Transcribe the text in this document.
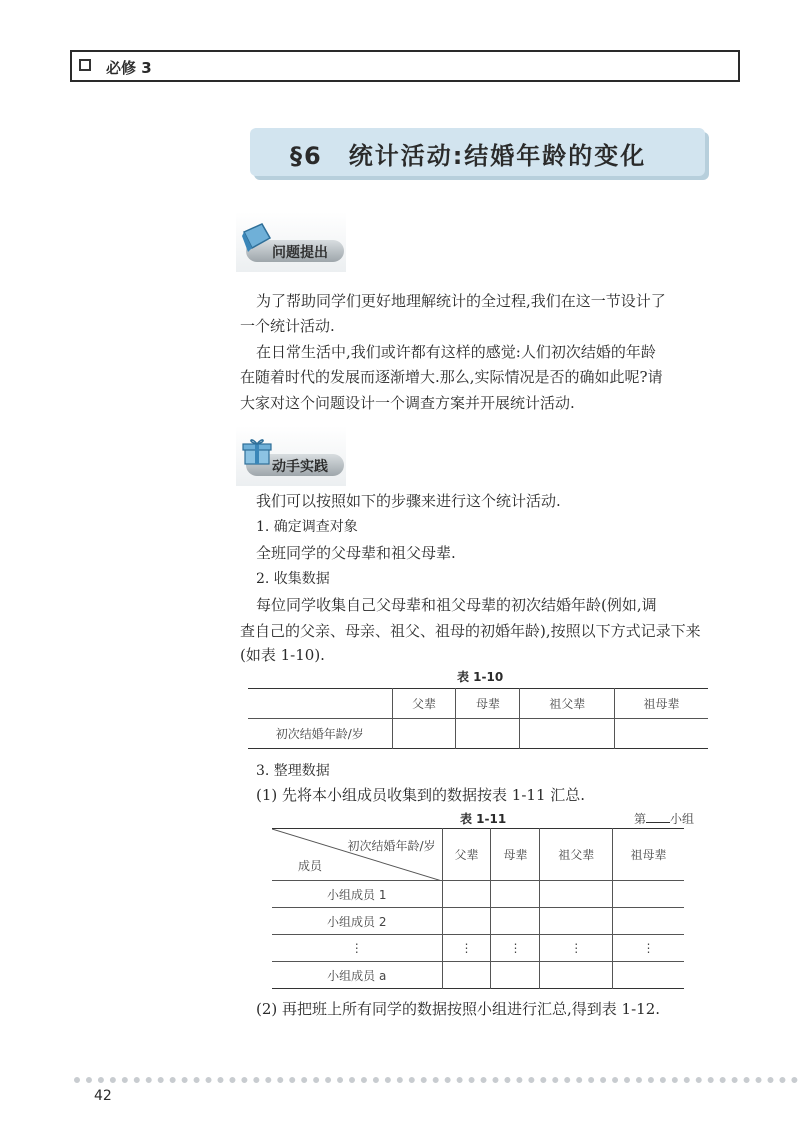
必修 3
§6　统计活动:结婚年龄的变化
问题提出
为了帮助同学们更好地理解统计的全过程,我们在这一节设计了
一个统计活动.
在日常生活中,我们或许都有这样的感觉:人们初次结婚的年龄
在随着时代的发展而逐渐增大.那么,实际情况是否的确如此呢?请
大家对这个问题设计一个调查方案并开展统计活动.
动手实践
我们可以按照如下的步骤来进行这个统计活动.
1. 确定调查对象
全班同学的父母辈和祖父母辈.
2. 收集数据
每位同学收集自己父母辈和祖父母辈的初次结婚年龄(例如,调
查自己的父亲、母亲、祖父、祖母的初婚年龄),按照以下方式记录下来
(如表 1-10).
表 1-10
	父辈	母辈	祖父辈	祖母辈
初次结婚年龄/岁				
3. 整理数据
(1) 先将本小组成员收集到的数据按表 1-11 汇总.
表 1-11	第 小组
初次结婚年龄/岁
成员	父辈	母辈	祖父辈	祖母辈
小组成员 1				
小组成员 2				
⋮	⋮	⋮	⋮	⋮
小组成员 a				
(2) 再把班上所有同学的数据按照小组进行汇总,得到表 1-12.
42
